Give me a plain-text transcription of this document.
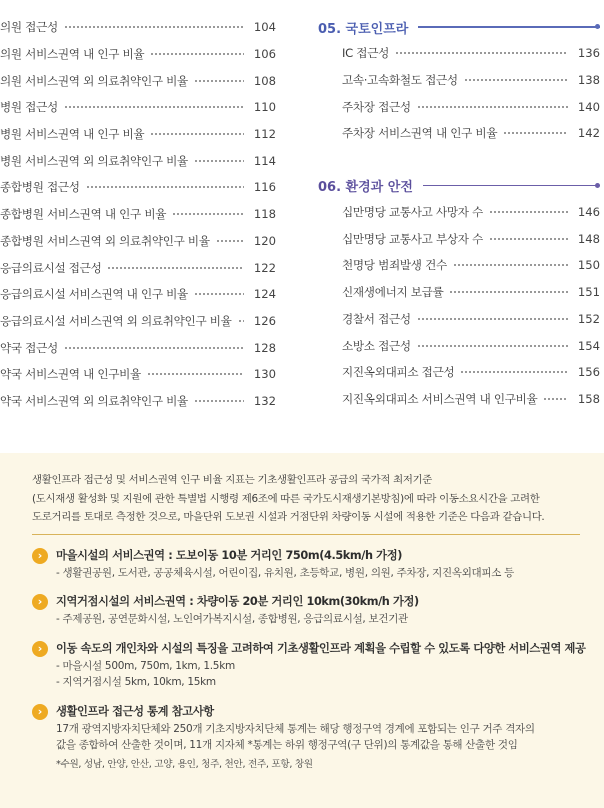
의원 접근성	104
의원 서비스권역 내 인구 비율	106
의원 서비스권역 외 의료취약인구 비율	108
병원 접근성	110
병원 서비스권역 내 인구 비율	112
병원 서비스권역 외 의료취약인구 비율	114
종합병원 접근성	116
종합병원 서비스권역 내 인구 비율	118
종합병원 서비스권역 외 의료취약인구 비율	120
응급의료시설 접근성	122
응급의료시설 서비스권역 내 인구 비율	124
응급의료시설 서비스권역 외 의료취약인구 비율	126
약국 접근성	128
약국 서비스권역 내 인구비율	130
약국 서비스권역 외 의료취약인구 비율	132
05. 국토인프라
IC 접근성	136
고속·고속화철도 접근성	138
주차장 접근성	140
주차장 서비스권역 내 인구 비율	142
06. 환경과 안전
십만명당 교통사고 사망자 수	146
십만명당 교통사고 부상자 수	148
천명당 범죄발생 건수	150
신재생에너지 보급률	151
경찰서 접근성	152
소방소 접근성	154
지진옥외대피소 접근성	156
지진옥외대피소 서비스권역 내 인구비율	158
생활인프라 접근성 및 서비스권역 인구 비율 지표는 기초생활인프라 공급의 국가적 최저기준
(도시재생 활성화 및 지원에 관한 특별법 시행령 제6조에 따른 국가도시재생기본방침)에 따라 이동소요시간을 고려한
도로거리를 토대로 측정한 것으로, 마을단위 도보권 시설과 거점단위 차량이동 시설에 적용한 기준은 다음과 같습니다.
›	마을시설의 서비스권역 : 도보이동 10분 거리인 750m(4.5km/h 가정)
- 생활권공원, 도서관, 공공체육시설, 어린이집, 유치원, 초등학교, 병원, 의원, 주차장, 지진옥외대피소 등
›	지역거점시설의 서비스권역 : 차량이동 20분 거리인 10km(30km/h 가정)
- 주제공원, 공연문화시설, 노인여가복지시설, 종합병원, 응급의료시설, 보건기관
›	이동 속도의 개인차와 시설의 특징을 고려하여 기초생활인프라 계획을 수립할 수 있도록 다양한 서비스권역 제공
- 마을시설 500m, 750m, 1km, 1.5km
- 지역거점시설 5km, 10km, 15km
›	생활인프라 접근성 통계 참고사항
17개 광역지방자치단체와 250개 기초지방자치단체 통계는 해당 행정구역 경계에 포함되는 인구 거주 격자의
값을 종합하여 산출한 것이며, 11개 지자체 *통계는 하위 행정구역(구 단위)의 통계값을 통해 산출한 것임
*수원, 성남, 안양, 안산, 고양, 용인, 청주, 천안, 전주, 포항, 창원
